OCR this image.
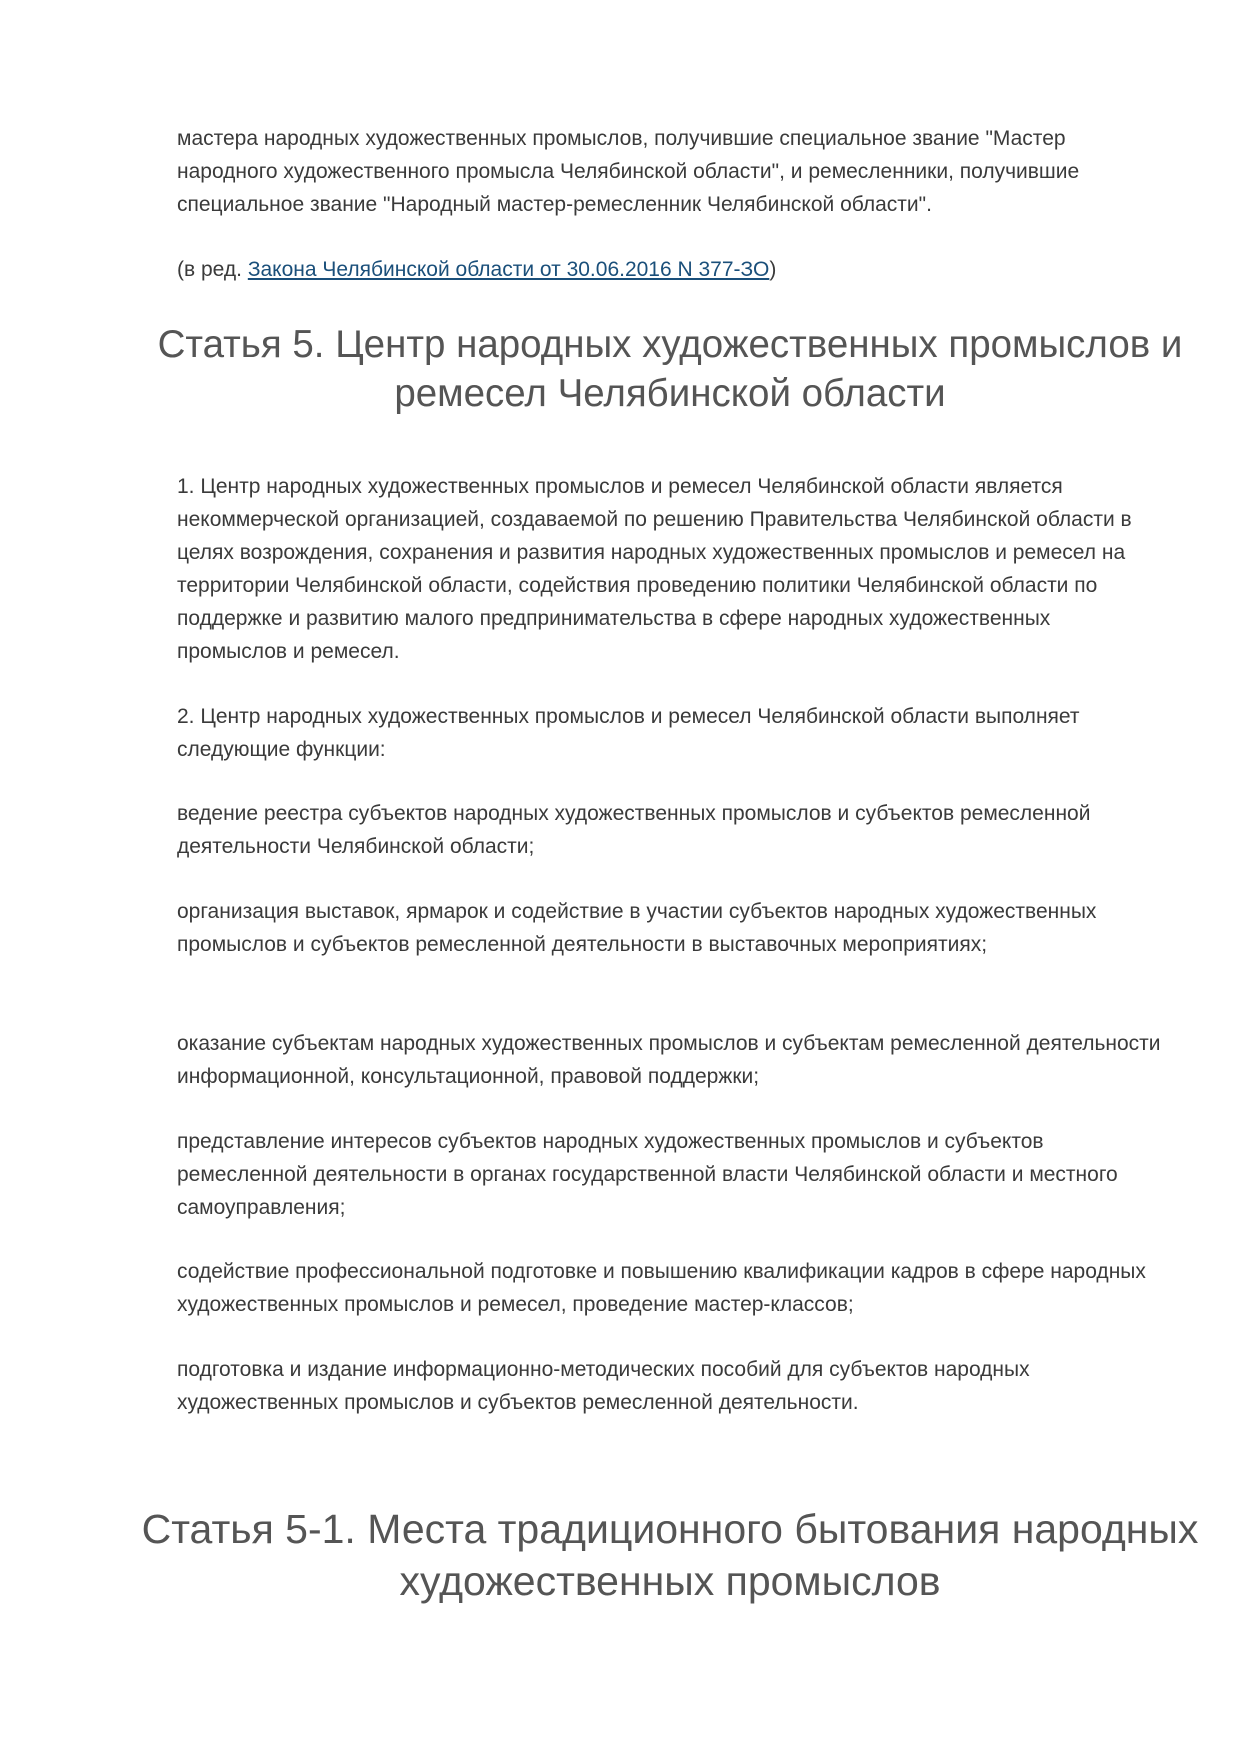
мастера народных художественных промыслов, получившие специальное звание "Мастер народного художественного промысла Челябинской области", и ремесленники, получившие специальное звание "Народный мастер-ремесленник Челябинской области".

(в ред. Закона Челябинской области от 30.06.2016 N 377-ЗО)

Статья 5. Центр народных художественных промыслов и ремесел Челябинской области

1. Центр народных художественных промыслов и ремесел Челябинской области является некоммерческой организацией, создаваемой по решению Правительства Челябинской области в целях возрождения, сохранения и развития народных художественных промыслов и ремесел на территории Челябинской области, содействия проведению политики Челябинской области по поддержке и развитию малого предпринимательства в сфере народных художественных промыслов и ремесел.

2. Центр народных художественных промыслов и ремесел Челябинской области выполняет следующие функции:

ведение реестра субъектов народных художественных промыслов и субъектов ремесленной деятельности Челябинской области;

организация выставок, ярмарок и содействие в участии субъектов народных художественных промыслов и субъектов ремесленной деятельности в выставочных мероприятиях;

оказание субъектам народных художественных промыслов и субъектам ремесленной деятельности информационной, консультационной, правовой поддержки;

представление интересов субъектов народных художественных промыслов и субъектов ремесленной деятельности в органах государственной власти Челябинской области и местного самоуправления;

содействие профессиональной подготовке и повышению квалификации кадров в сфере народных художественных промыслов и ремесел, проведение мастер-классов;

подготовка и издание информационно-методических пособий для субъектов народных художественных промыслов и субъектов ремесленной деятельности.

Статья 5-1. Места традиционного бытования народных художественных промыслов
